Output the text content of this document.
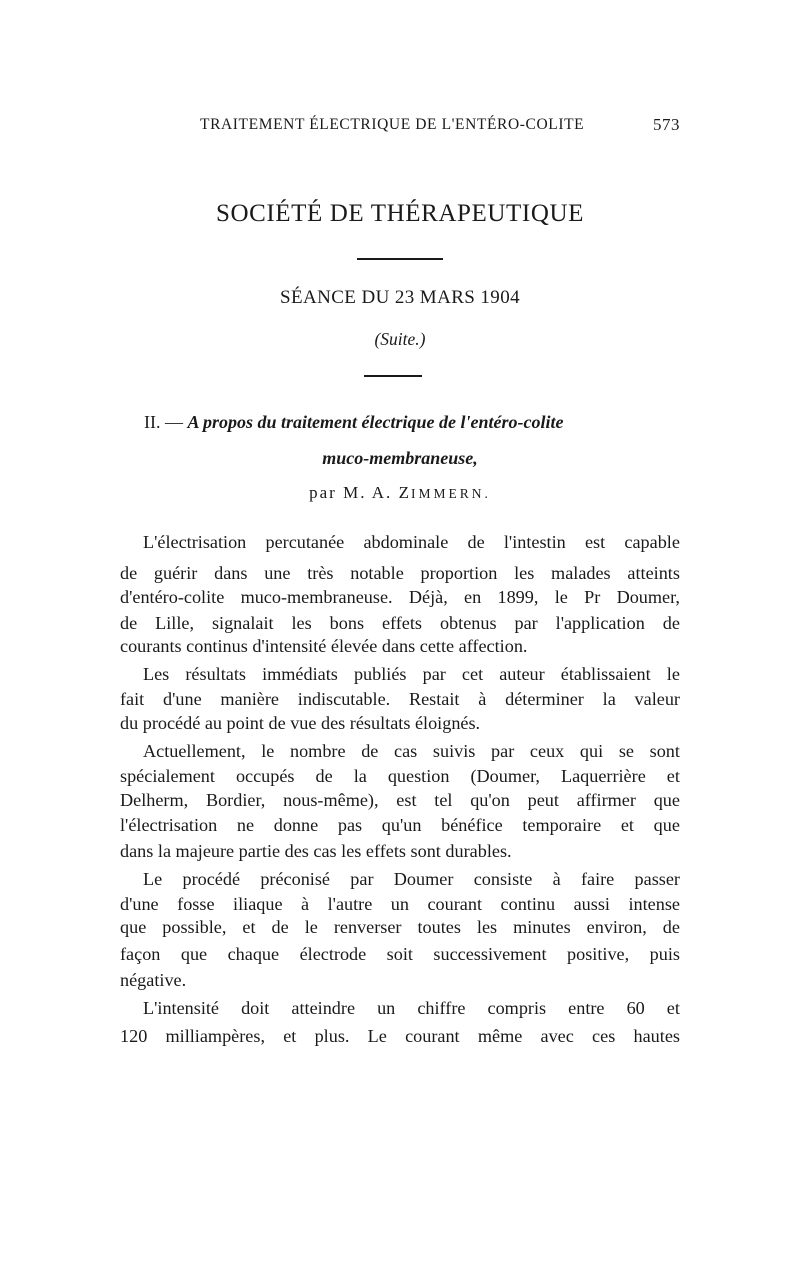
TRAITEMENT ÉLECTRIQUE DE L'ENTÉRO-COLITE	573
SOCIÉTÉ DE THÉRAPEUTIQUE
SÉANCE DU 23 MARS 1904
(Suite.)
II. — A propos du traitement électrique de l'entéro-colite
muco-membraneuse,
par M. A. ZIMMERN.
L'électrisation percutanée abdominale de l'intestin est capable
de guérir dans une très notable proportion les malades atteints
d'entéro-colite muco-membraneuse. Déjà, en 1899, le Pr Doumer,
de Lille, signalait les bons effets obtenus par l'application de
courants continus d'intensité élevée dans cette affection.
Les résultats immédiats publiés par cet auteur établissaient le
fait d'une manière indiscutable. Restait à déterminer la valeur
du procédé au point de vue des résultats éloignés.
Actuellement, le nombre de cas suivis par ceux qui se sont
spécialement occupés de la question (Doumer, Laquerrière et
Delherm, Bordier, nous-même), est tel qu'on peut affirmer que
l'électrisation ne donne pas qu'un bénéfice temporaire et que
dans la majeure partie des cas les effets sont durables.
Le procédé préconisé par Doumer consiste à faire passer
d'une fosse iliaque à l'autre un courant continu aussi intense
que possible, et de le renverser toutes les minutes environ, de
façon que chaque électrode soit successivement positive, puis
négative.
L'intensité doit atteindre un chiffre compris entre 60 et
120 milliampères, et plus. Le courant même avec ces hautes
